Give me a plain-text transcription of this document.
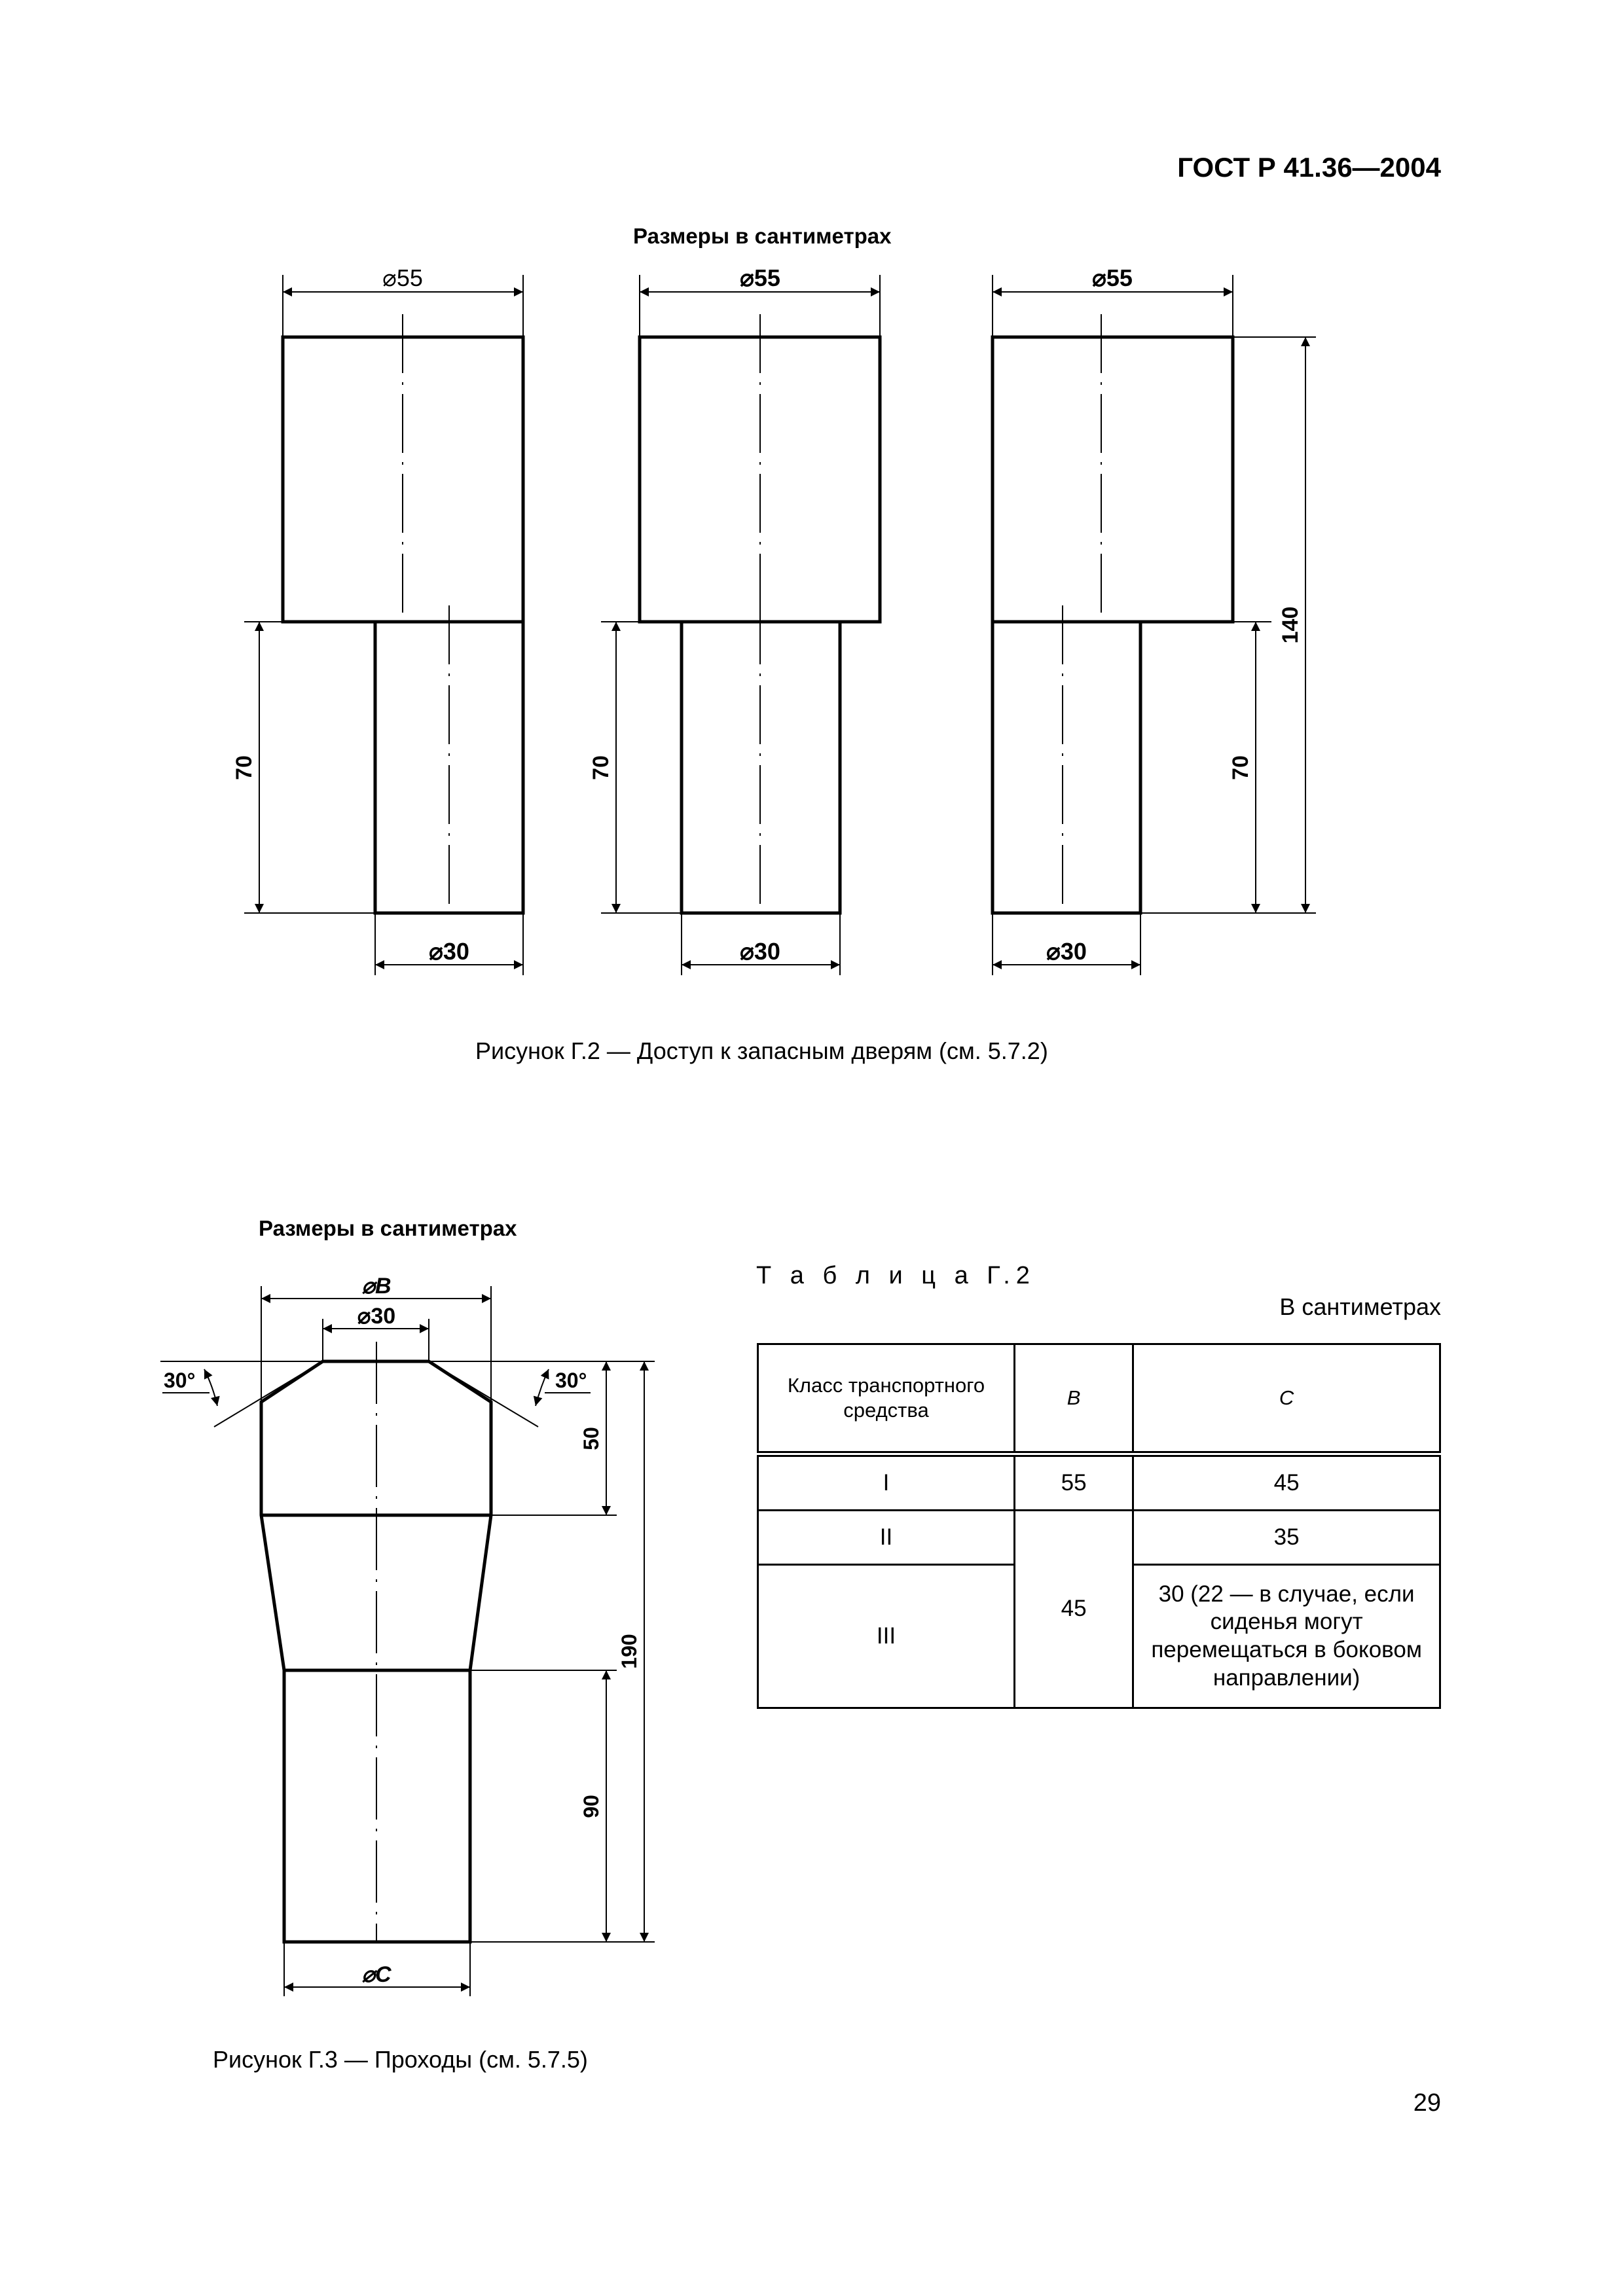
ГОСТ Р 41.36—2004
Размеры в сантиметрах
⌀55
⌀30
70
⌀55
⌀30
70
⌀55
⌀30
70
140
⌀B
⌀30
⌀C
30°	30°
50
90
190
Рисунок Г.2 — Доступ к запасным дверям (см. 5.7.2)
Размеры в сантиметрах
Рисунок Г.3 — Проходы (см. 5.7.5)
Т а б л и ц а Г.2
В сантиметрах
Класс транспортного средства	B	C
I	55	45
II	45	35
III		30 (22 — в случае, если сиденья могут перемещаться в боковом направлении)
29
